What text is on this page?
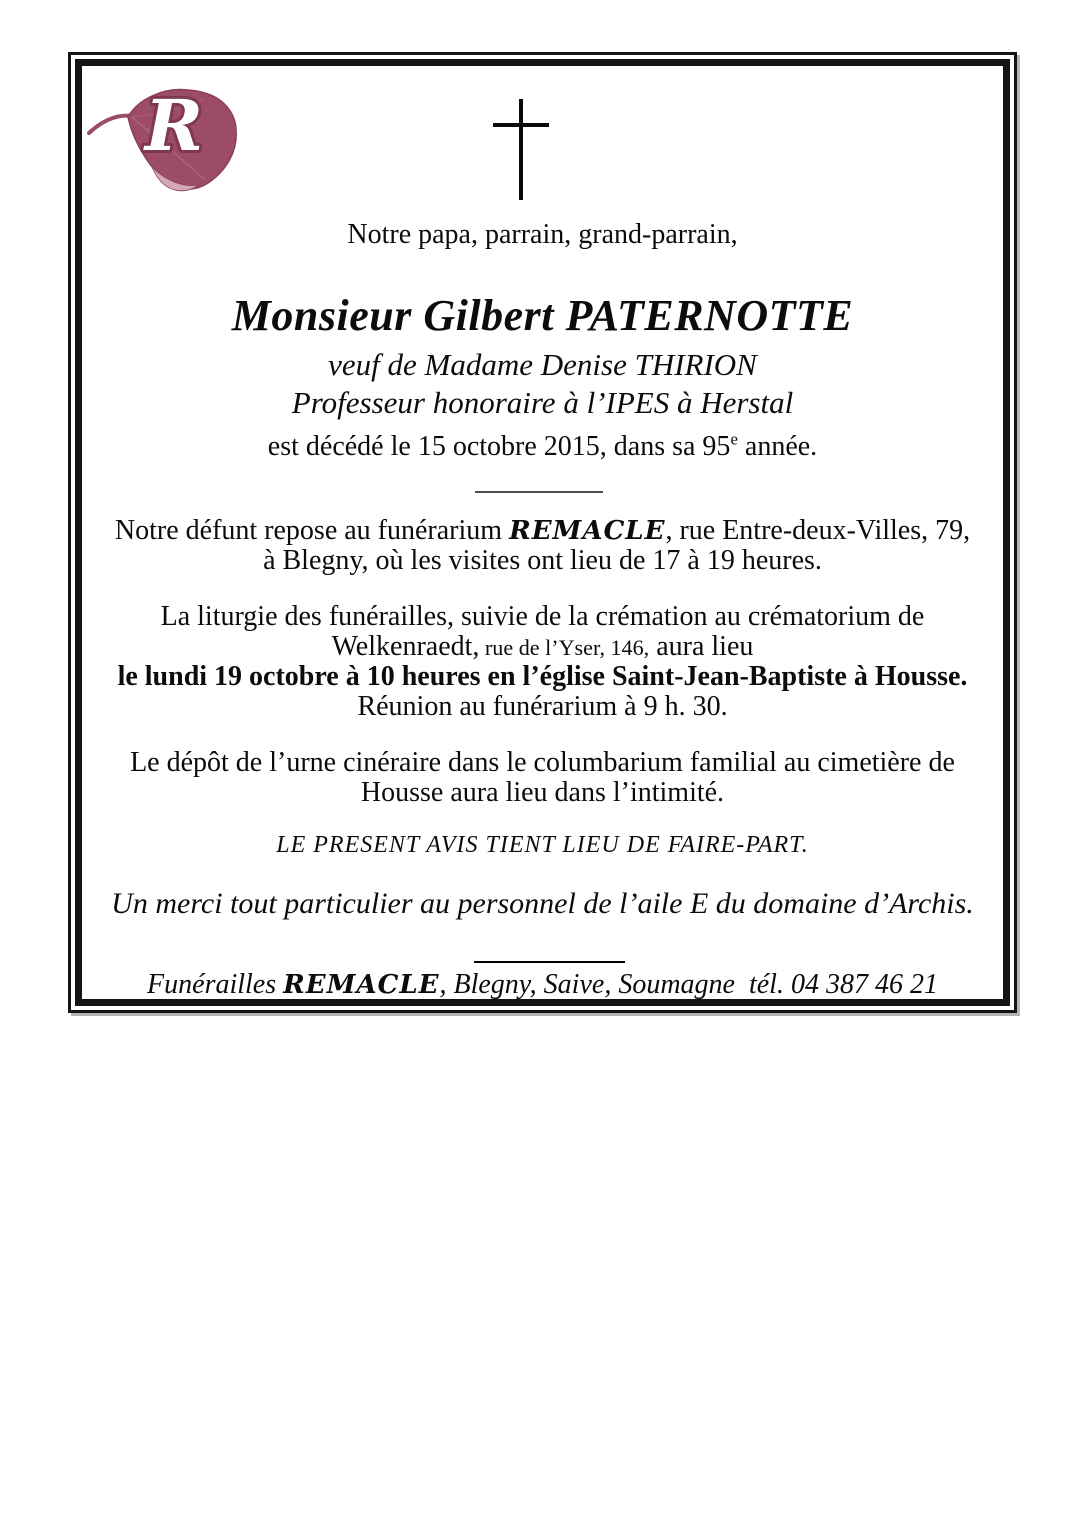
R
Notre papa, parrain, grand-parrain,
Monsieur Gilbert PATERNOTTE
veuf de Madame Denise THIRION
Professeur honoraire à l’IPES à Herstal
est décédé le 15 octobre 2015, dans sa 95e année.
Notre défunt repose au funérarium REMACLE, rue Entre-deux-Villes, 79,
à Blegny, où les visites ont lieu de 17 à 19 heures.
La liturgie des funérailles, suivie de la crémation au crématorium de
Welkenraedt, rue de l’Yser, 146, aura lieu
le lundi 19 octobre à 10 heures en l’église Saint-Jean-Baptiste à Housse.
Réunion au funérarium à 9 h. 30.
Le dépôt de l’urne cinéraire dans le columbarium familial au cimetière de
Housse aura lieu dans l’intimité.
LE PRESENT AVIS TIENT LIEU DE FAIRE-PART.
Un merci tout particulier au personnel de l’aile E du domaine d’Archis.
Funérailles REMACLE, Blegny, Saive, Soumagne  tél. 04 387 46 21
